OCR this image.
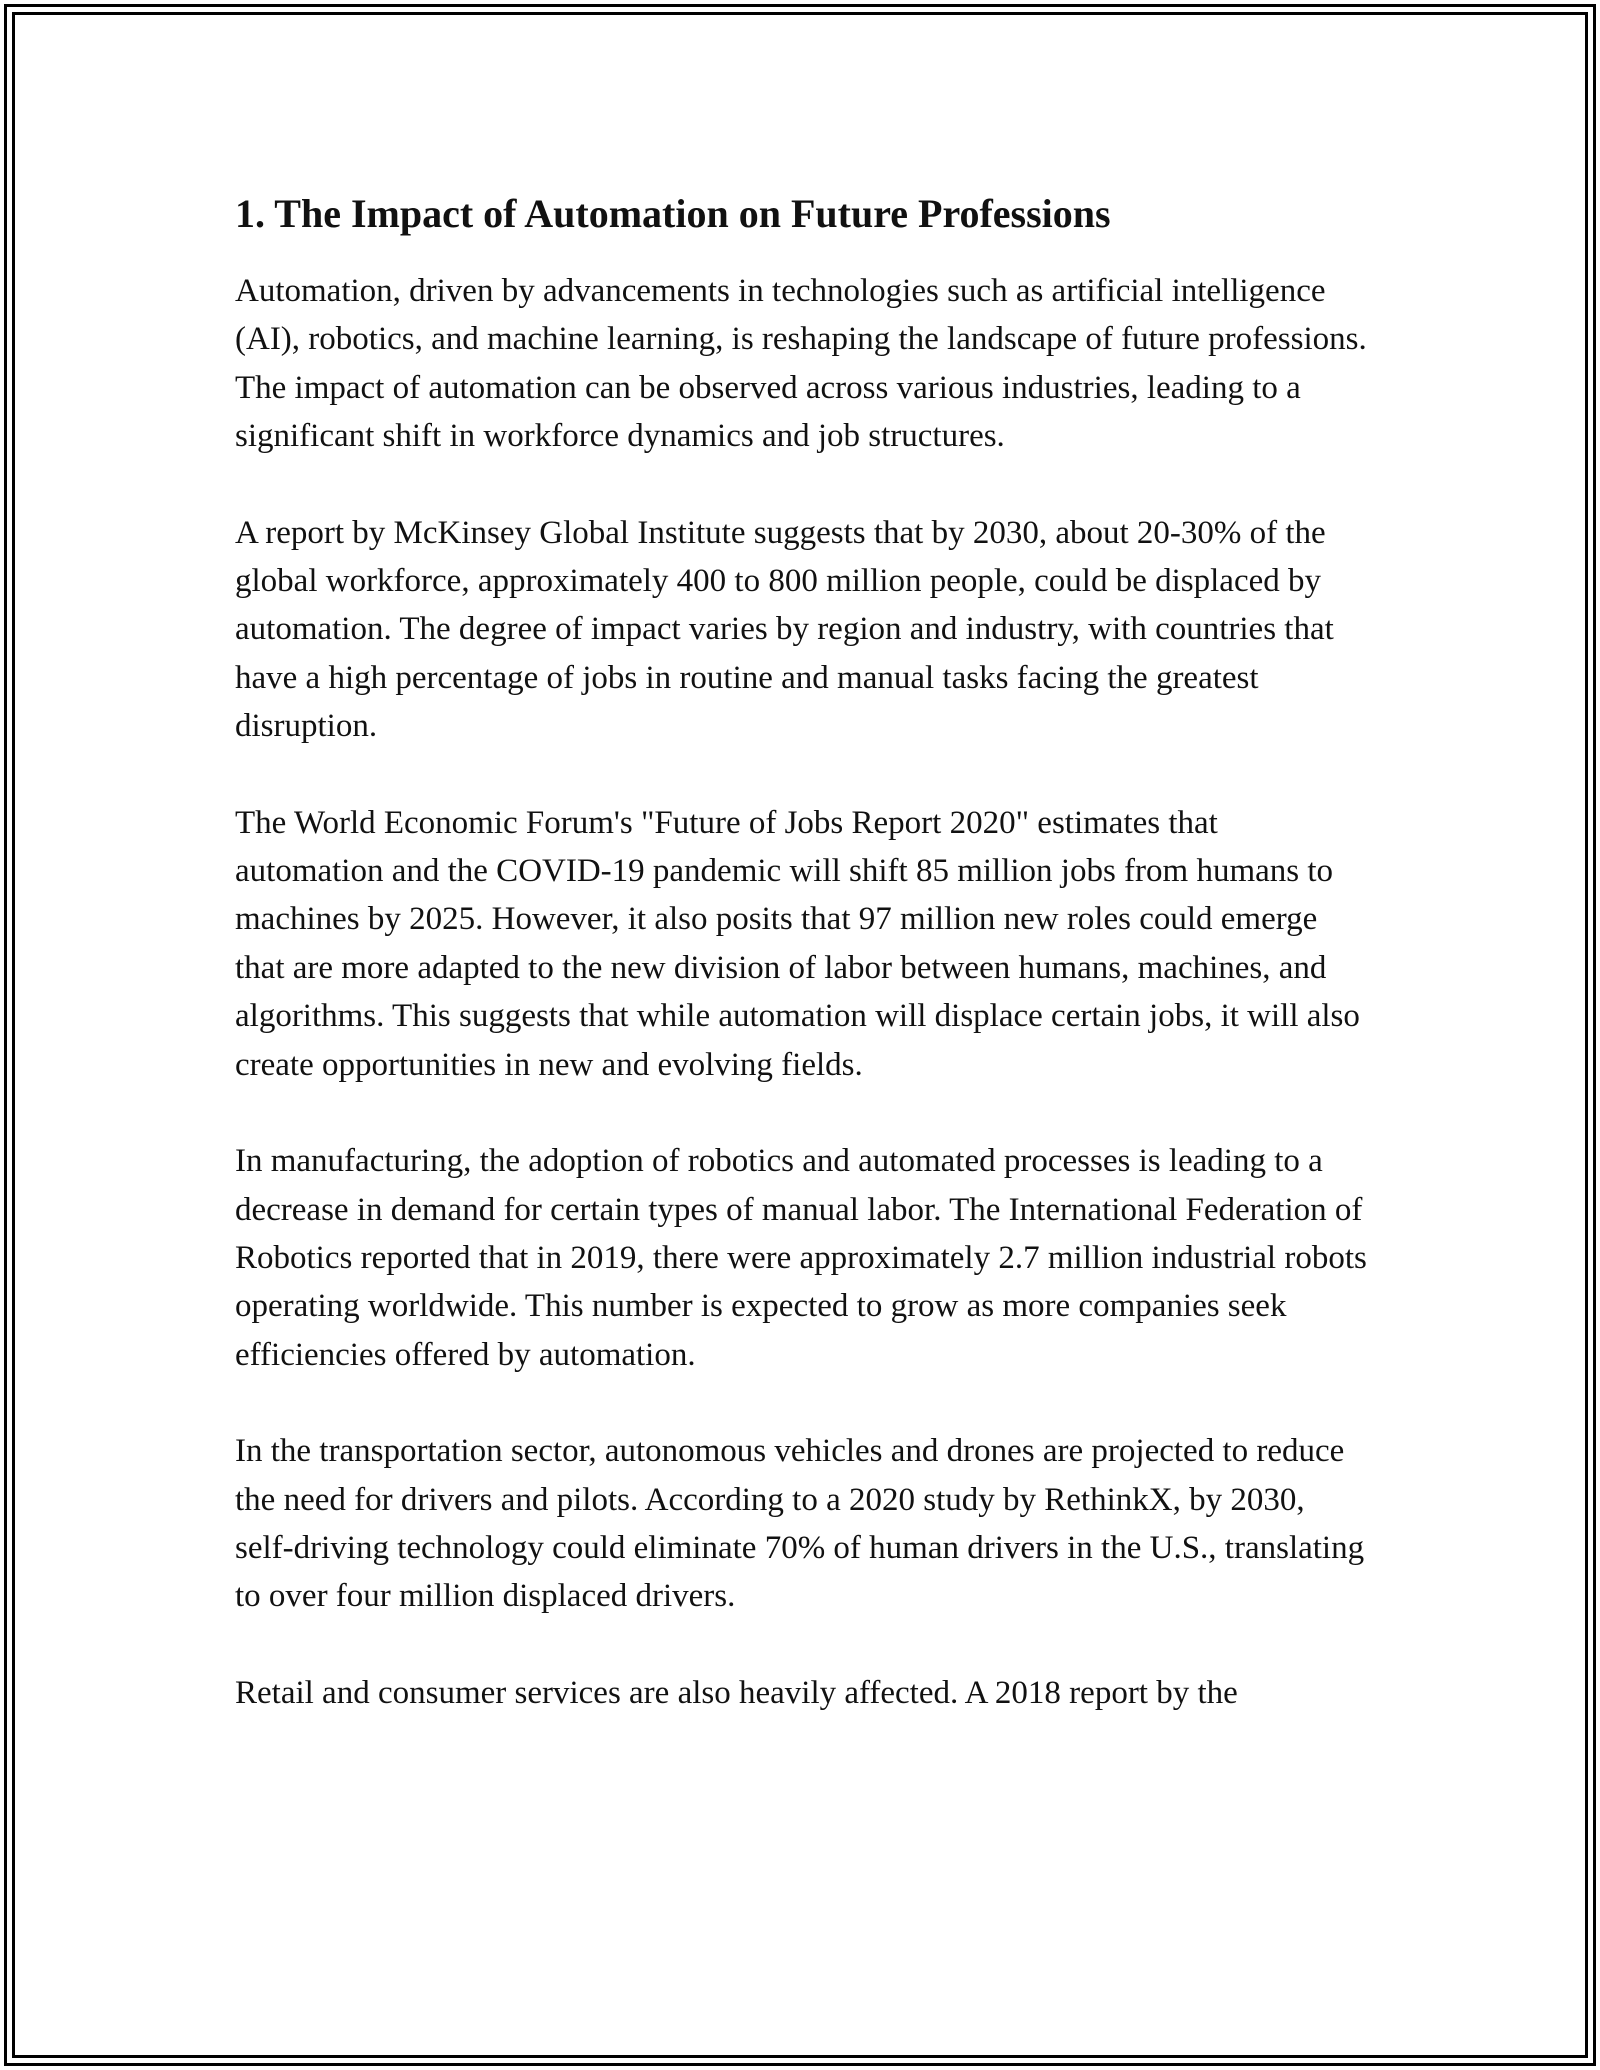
1. The Impact of Automation on Future Professions

Automation, driven by advancements in technologies such as artificial intelligence (AI), robotics, and machine learning, is reshaping the landscape of future professions. The impact of automation can be observed across various industries, leading to a significant shift in workforce dynamics and job structures.

A report by McKinsey Global Institute suggests that by 2030, about 20-30% of the global workforce, approximately 400 to 800 million people, could be displaced by automation. The degree of impact varies by region and industry, with countries that have a high percentage of jobs in routine and manual tasks facing the greatest disruption.

The World Economic Forum's "Future of Jobs Report 2020" estimates that automation and the COVID-19 pandemic will shift 85 million jobs from humans to machines by 2025. However, it also posits that 97 million new roles could emerge that are more adapted to the new division of labor between humans, machines, and algorithms. This suggests that while automation will displace certain jobs, it will also create opportunities in new and evolving fields.

In manufacturing, the adoption of robotics and automated processes is leading to a decrease in demand for certain types of manual labor. The International Federation of Robotics reported that in 2019, there were approximately 2.7 million industrial robots operating worldwide. This number is expected to grow as more companies seek efficiencies offered by automation.

In the transportation sector, autonomous vehicles and drones are projected to reduce the need for drivers and pilots. According to a 2020 study by RethinkX, by 2030, self-driving technology could eliminate 70% of human drivers in the U.S., translating to over four million displaced drivers.

Retail and consumer services are also heavily affected. A 2018 report by the
